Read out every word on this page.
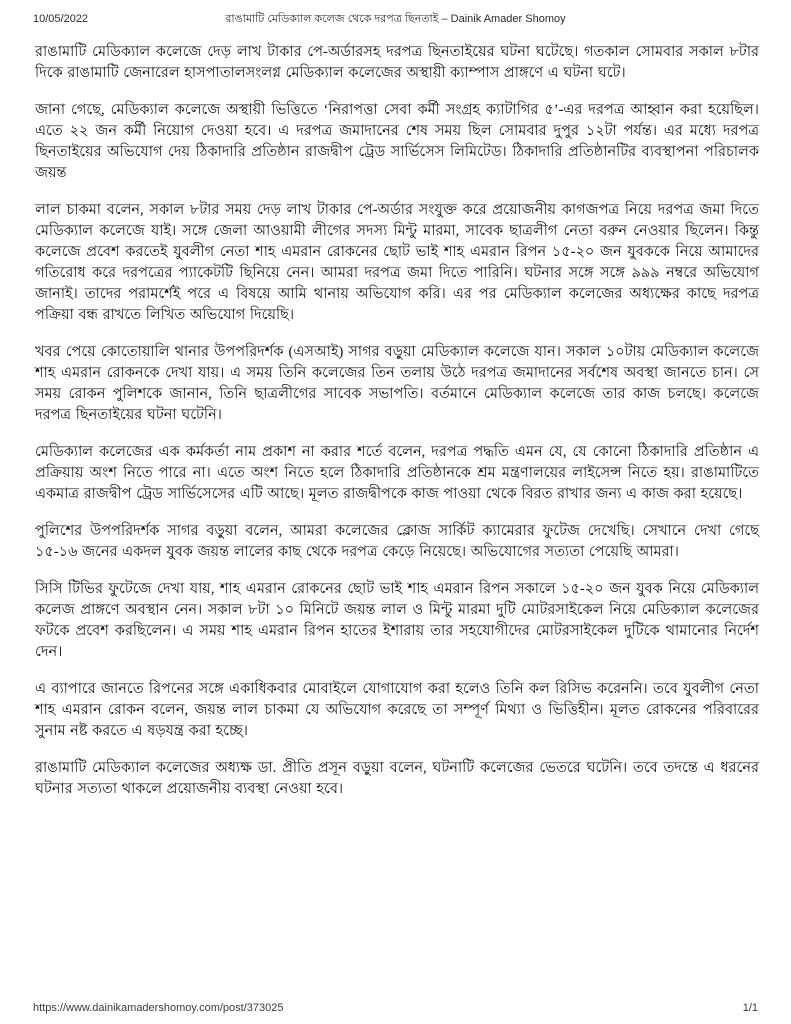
10/05/2022	রাঙামাটি মেডিক্যাল কলেজ থেকে দরপত্র ছিনতাই – Dainik Amader Shomoy

রাঙামাটি মেডিক্যাল কলেজে দেড় লাখ টাকার পে-অর্ডারসহ দরপত্র ছিনতাইয়ের ঘটনা ঘটেছে। গতকাল সোমবার সকাল ৮টার দিকে রাঙামাটি জেনারেল হাসপাতালসংলগ্ন মেডিক্যাল কলেজের অস্থায়ী ক্যাম্পাস প্রাঙ্গণে এ ঘটনা ঘটে।

জানা গেছে, মেডিক্যাল কলেজে অস্থায়ী ভিত্তিতে ‘নিরাপত্তা সেবা কর্মী সংগ্রহ ক্যাটাগির ৫’-এর দরপত্র আহ্বান করা হয়েছিল। এতে ২২ জন কর্মী নিয়োগ দেওয়া হবে। এ দরপত্র জমাদানের শেষ সময় ছিল সোমবার দুপুর ১২টা পর্যন্ত। এর মধ্যে দরপত্র ছিনতাইয়ের অভিযোগ দেয় ঠিকাদারি প্রতিষ্ঠান রাজদ্বীপ ট্রেড সার্ভিসেস লিমিটেড। ঠিকাদারি প্রতিষ্ঠানটির ব্যবস্থাপনা পরিচালক জয়ন্ত

লাল চাকমা বলেন, সকাল ৮টার সময় দেড় লাখ টাকার পে-অর্ডার সংযুক্ত করে প্রয়োজনীয় কাগজপত্র নিয়ে দরপত্র জমা দিতে মেডিক্যাল কলেজে যাই। সঙ্গে জেলা আওয়ামী লীগের সদস্য মিন্টু মারমা, সাবেক ছাত্রলীগ নেতা বরুন নেওয়ার ছিলেন। কিন্তু কলেজে প্রবেশ করতেই যুবলীগ নেতা শাহ এমরান রোকনের ছোট ভাই শাহ এমরান রিপন ১৫-২০ জন যুবককে নিয়ে আমাদের গতিরোধ করে দরপত্রের প্যাকেটটি ছিনিয়ে নেন। আমরা দরপত্র জমা দিতে পারিনি। ঘটনার সঙ্গে সঙ্গে ৯৯৯ নম্বরে অভিযোগ জানাই। তাদের পরামর্শেই পরে এ বিষয়ে আমি থানায় অভিযোগ করি। এর পর মেডিক্যাল কলেজের অধ্যক্ষের কাছে দরপত্র পক্রিয়া বন্ধ রাখতে লিখিত অভিযোগ দিয়েছি।

খবর পেয়ে কোতোয়ালি থানার উপপরিদর্শক (এসআই) সাগর বড়ুয়া মেডিক্যাল কলেজে যান। সকাল ১০টায় মেডিক্যাল কলেজে শাহ এমরান রোকনকে দেখা যায়। এ সময় তিনি কলেজের তিন তলায় উঠে দরপত্র জমাদানের সর্বশেষ অবস্থা জানতে চান। সে সময় রোকন পুলিশকে জানান, তিনি ছাত্রলীগের সাবেক সভাপতি। বর্তমানে মেডিক্যাল কলেজে তার কাজ চলছে। কলেজে দরপত্র ছিনতাইয়ের ঘটনা ঘটেনি।

মেডিক্যাল কলেজের এক কর্মকর্তা নাম প্রকাশ না করার শর্তে বলেন, দরপত্র পদ্ধতি এমন যে, যে কোনো ঠিকাদারি প্রতিষ্ঠান এ প্রক্রিয়ায় অংশ নিতে পারে না। এতে অংশ নিতে হলে ঠিকাদারি প্রতিষ্ঠানকে শ্রম মন্ত্রণালয়ের লাইসেন্স নিতে হয়। রাঙামাটিতে একমাত্র রাজদ্বীপ ট্রেড সার্ভিসেসের এটি আছে। মূলত রাজদ্বীপকে কাজ পাওয়া থেকে বিরত রাখার জন্য এ কাজ করা হয়েছে।

পুলিশের উপপরিদর্শক সাগর বড়ুয়া বলেন, আমরা কলেজের ক্লোজ সার্কিট ক্যামেরার ফুটেজ দেখেছি। সেখানে দেখা গেছে ১৫-১৬ জনের একদল যুবক জয়ন্ত লালের কাছ থেকে দরপত্র কেড়ে নিয়েছে। অভিযোগের সত্যতা পেয়েছি আমরা।

সিসি টিভির ফুটেজে দেখা যায়, শাহ এমরান রোকনের ছোট ভাই শাহ এমরান রিপন সকালে ১৫-২০ জন যুবক নিয়ে মেডিক্যাল কলেজ প্রাঙ্গণে অবস্থান নেন। সকাল ৮টা ১০ মিনিটে জয়ন্ত লাল ও মিন্টু মারমা দুটি মোটরসাইকেল নিয়ে মেডিক্যাল কলেজের ফটকে প্রবেশ করছিলেন। এ সময় শাহ এমরান রিপন হাতের ইশারায় তার সহযোগীদের মোটরসাইকেল দুটিকে থামানোর নির্দেশ দেন।

এ ব্যাপারে জানতে রিপনের সঙ্গে একাধিকবার মোবাইলে যোগাযোগ করা হলেও তিনি কল রিসিভ করেননি। তবে যুবলীগ নেতা শাহ এমরান রোকন বলেন, জয়ন্ত লাল চাকমা যে অভিযোগ করেছে তা সম্পূর্ণ মিথ্যা ও ভিত্তিহীন। মূলত রোকনের পরিবারের সুনাম নষ্ট করতে এ ষড়যন্ত্র করা হচ্ছে।

রাঙামাটি মেডিক্যাল কলেজের অধ্যক্ষ ডা. প্রীতি প্রসূন বড়ুয়া বলেন, ঘটনাটি কলেজের ভেতরে ঘটেনি। তবে তদন্তে এ ধরনের ঘটনার সত্যতা থাকলে প্রয়োজনীয় ব্যবস্থা নেওয়া হবে।

https://www.dainikamadershomoy.com/post/373025	1/1
